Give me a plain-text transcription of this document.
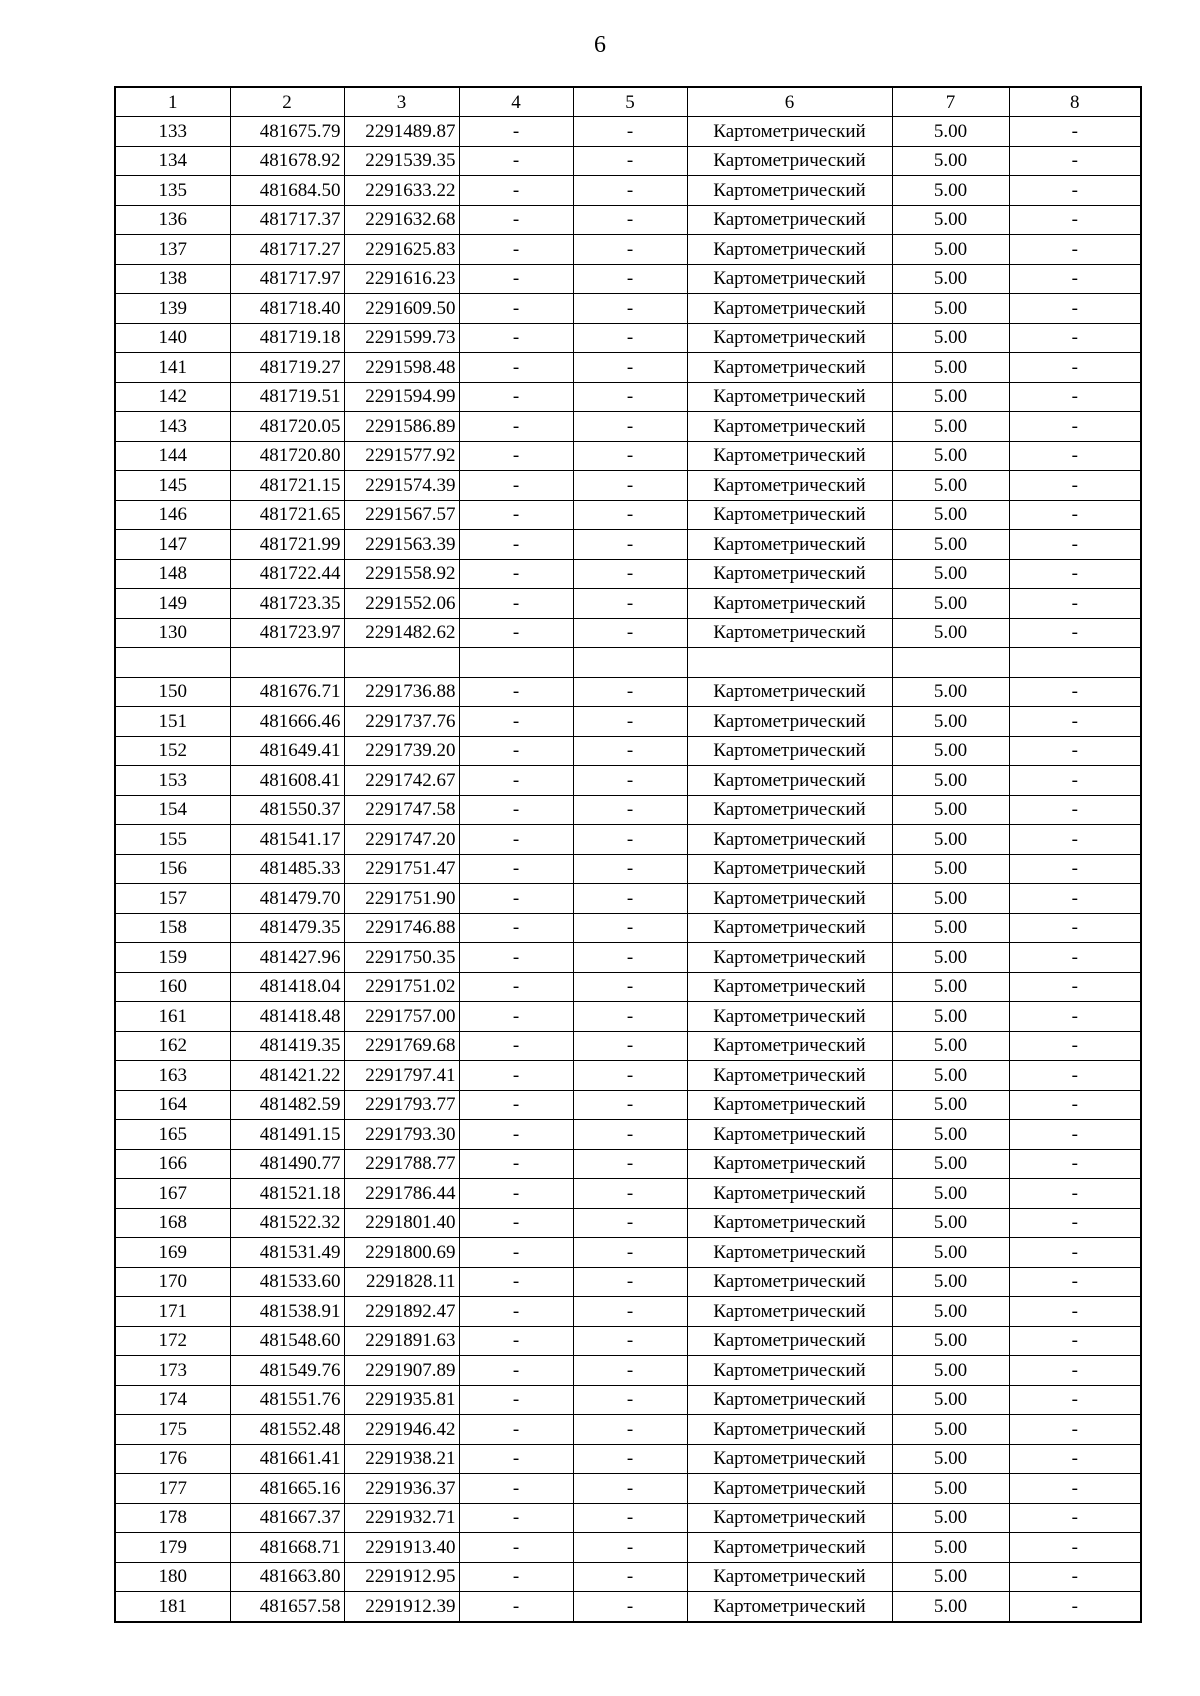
6
1	2	3	4	5	6	7	8
133	481675.79	2291489.87	-	-	Картометрический	5.00	-
134	481678.92	2291539.35	-	-	Картометрический	5.00	-
135	481684.50	2291633.22	-	-	Картометрический	5.00	-
136	481717.37	2291632.68	-	-	Картометрический	5.00	-
137	481717.27	2291625.83	-	-	Картометрический	5.00	-
138	481717.97	2291616.23	-	-	Картометрический	5.00	-
139	481718.40	2291609.50	-	-	Картометрический	5.00	-
140	481719.18	2291599.73	-	-	Картометрический	5.00	-
141	481719.27	2291598.48	-	-	Картометрический	5.00	-
142	481719.51	2291594.99	-	-	Картометрический	5.00	-
143	481720.05	2291586.89	-	-	Картометрический	5.00	-
144	481720.80	2291577.92	-	-	Картометрический	5.00	-
145	481721.15	2291574.39	-	-	Картометрический	5.00	-
146	481721.65	2291567.57	-	-	Картометрический	5.00	-
147	481721.99	2291563.39	-	-	Картометрический	5.00	-
148	481722.44	2291558.92	-	-	Картометрический	5.00	-
149	481723.35	2291552.06	-	-	Картометрический	5.00	-
130	481723.97	2291482.62	-	-	Картометрический	5.00	-

150	481676.71	2291736.88	-	-	Картометрический	5.00	-
151	481666.46	2291737.76	-	-	Картометрический	5.00	-
152	481649.41	2291739.20	-	-	Картометрический	5.00	-
153	481608.41	2291742.67	-	-	Картометрический	5.00	-
154	481550.37	2291747.58	-	-	Картометрический	5.00	-
155	481541.17	2291747.20	-	-	Картометрический	5.00	-
156	481485.33	2291751.47	-	-	Картометрический	5.00	-
157	481479.70	2291751.90	-	-	Картометрический	5.00	-
158	481479.35	2291746.88	-	-	Картометрический	5.00	-
159	481427.96	2291750.35	-	-	Картометрический	5.00	-
160	481418.04	2291751.02	-	-	Картометрический	5.00	-
161	481418.48	2291757.00	-	-	Картометрический	5.00	-
162	481419.35	2291769.68	-	-	Картометрический	5.00	-
163	481421.22	2291797.41	-	-	Картометрический	5.00	-
164	481482.59	2291793.77	-	-	Картометрический	5.00	-
165	481491.15	2291793.30	-	-	Картометрический	5.00	-
166	481490.77	2291788.77	-	-	Картометрический	5.00	-
167	481521.18	2291786.44	-	-	Картометрический	5.00	-
168	481522.32	2291801.40	-	-	Картометрический	5.00	-
169	481531.49	2291800.69	-	-	Картометрический	5.00	-
170	481533.60	2291828.11	-	-	Картометрический	5.00	-
171	481538.91	2291892.47	-	-	Картометрический	5.00	-
172	481548.60	2291891.63	-	-	Картометрический	5.00	-
173	481549.76	2291907.89	-	-	Картометрический	5.00	-
174	481551.76	2291935.81	-	-	Картометрический	5.00	-
175	481552.48	2291946.42	-	-	Картометрический	5.00	-
176	481661.41	2291938.21	-	-	Картометрический	5.00	-
177	481665.16	2291936.37	-	-	Картометрический	5.00	-
178	481667.37	2291932.71	-	-	Картометрический	5.00	-
179	481668.71	2291913.40	-	-	Картометрический	5.00	-
180	481663.80	2291912.95	-	-	Картометрический	5.00	-
181	481657.58	2291912.39	-	-	Картометрический	5.00	-
